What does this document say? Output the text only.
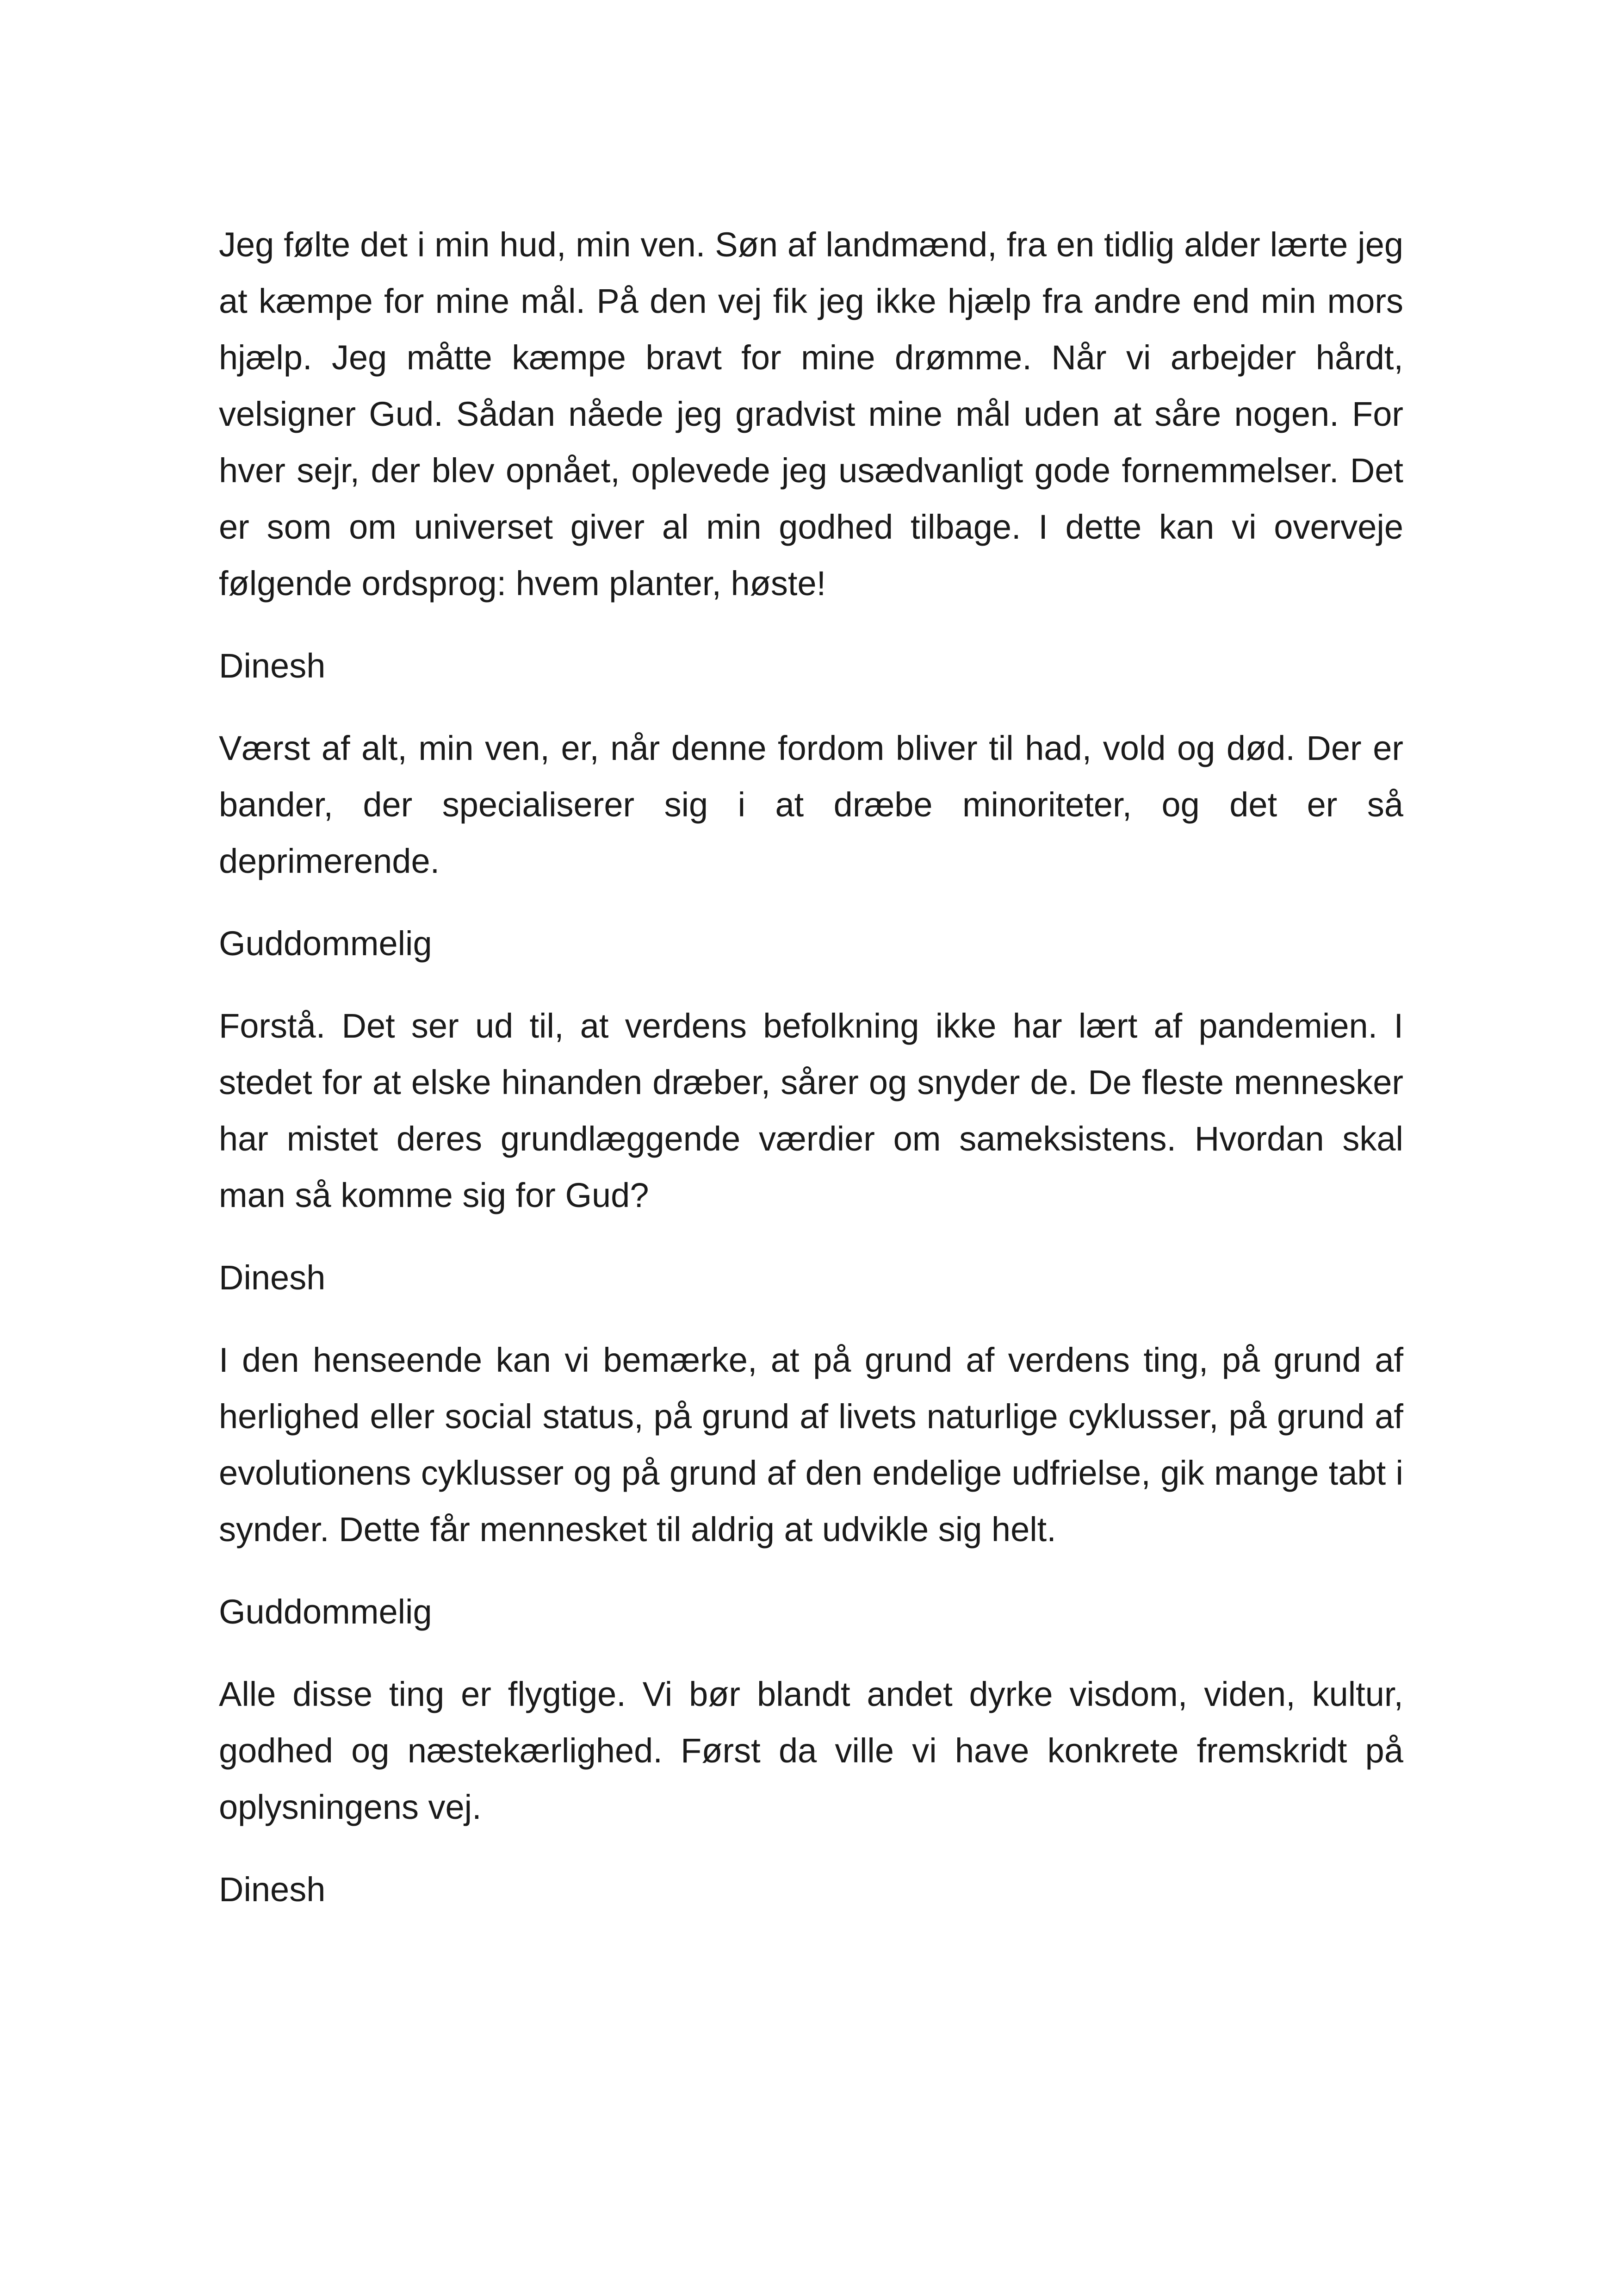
Jeg følte det i min hud, min ven. Søn af landmænd, fra en tidlig alder lærte jeg at kæmpe for mine mål. På den vej fik jeg ikke hjælp fra andre end min mors hjælp. Jeg måtte kæmpe bravt for mine drømme. Når vi arbejder hårdt, velsigner Gud. Sådan nåede jeg gradvist mine mål uden at såre nogen. For hver sejr, der blev opnået, oplevede jeg usædvanligt gode fornemmelser. Det er som om universet giver al min godhed tilbage. I dette kan vi overveje følgende ordsprog: hvem planter, høste!

Dinesh

Værst af alt, min ven, er, når denne fordom bliver til had, vold og død. Der er bander, der specialiserer sig i at dræbe minoriteter, og det er så deprimerende.

Guddommelig

Forstå. Det ser ud til, at verdens befolkning ikke har lært af pandemien. I stedet for at elske hinanden dræber, sårer og snyder de. De fleste mennesker har mistet deres grundlæggende værdier om sameksistens. Hvordan skal man så komme sig for Gud?

Dinesh

I den henseende kan vi bemærke, at på grund af verdens ting, på grund af herlighed eller social status, på grund af livets naturlige cyklusser, på grund af evolutionens cyklusser og på grund af den endelige udfrielse, gik mange tabt i synder. Dette får mennesket til aldrig at udvikle sig helt.

Guddommelig

Alle disse ting er flygtige. Vi bør blandt andet dyrke visdom, viden, kultur, godhed og næstekærlighed. Først da ville vi have konkrete fremskridt på oplysningens vej.

Dinesh
